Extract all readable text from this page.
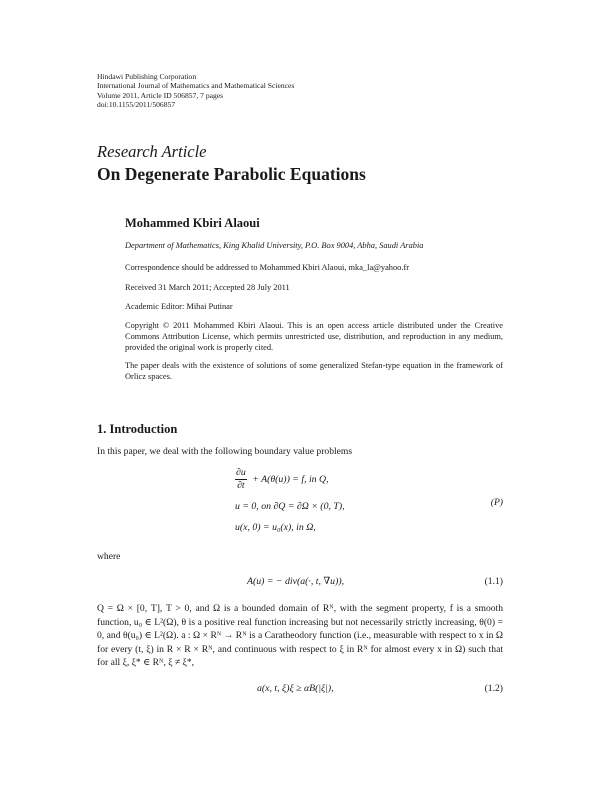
Hindawi Publishing Corporation
International Journal of Mathematics and Mathematical Sciences
Volume 2011, Article ID 506857, 7 pages
doi:10.1155/2011/506857
Research Article
On Degenerate Parabolic Equations
Mohammed Kbiri Alaoui
Department of Mathematics, King Khalid University, P.O. Box 9004, Abha, Saudi Arabia
Correspondence should be addressed to Mohammed Kbiri Alaoui, mka_la@yahoo.fr
Received 31 March 2011; Accepted 28 July 2011
Academic Editor: Mihai Putinar
Copyright © 2011 Mohammed Kbiri Alaoui. This is an open access article distributed under the Creative Commons Attribution License, which permits unrestricted use, distribution, and reproduction in any medium, provided the original work is properly cited.
The paper deals with the existence of solutions of some generalized Stefan-type equation in the framework of Orlicz spaces.
1. Introduction
In this paper, we deal with the following boundary value problems
$\frac{\partial u}{\partial t} + A(\theta(u)) = f$, in Q,
u = 0, on ∂Q = ∂Ω × (0, T),
u(x, 0) = u₀(x), in Ω,
(P)
where
A(u) = − div(a(·, t, ∇u)),	(1.1)
Q = Ω × [0, T], T > 0, and Ω is a bounded domain of Rᴺ, with the segment property, f is a smooth function, u₀ ∈ L²(Ω), θ is a positive real function increasing but not necessarily strictly increasing, θ(0) = 0, and θ(u₀) ∈ L²(Ω). a : Ω × Rᴺ → Rᴺ is a Caratheodory function (i.e., measurable with respect to x in Ω for every (t, ξ) in R × R × Rᴺ, and continuous with respect to ξ in Rᴺ for almost every x in Ω) such that for all ξ, ξ* ∈ Rᴺ, ξ ≠ ξ*,
a(x, t, ξ)ξ ≥ αB(|ξ|),	(1.2)
